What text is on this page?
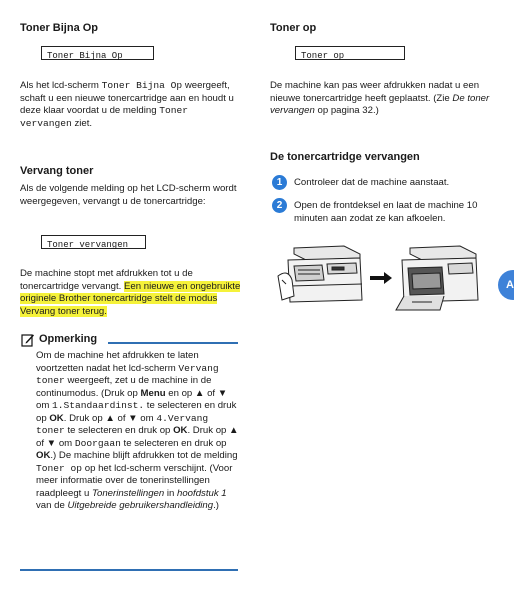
Toner Bijna Op
Toner Bijna Op
Als het lcd-scherm Toner Bijna Op weergeeft, schaft u een nieuwe tonercartridge aan en houdt u deze klaar voordat u de melding Toner vervangen ziet.
Vervang toner
Als de volgende melding op het LCD-scherm wordt weergegeven, vervangt u de tonercartridge:
Toner vervangen
De machine stopt met afdrukken tot u de tonercartridge vervangt. Een nieuwe en ongebruikte originele Brother tonercartridge stelt de modus Vervang toner terug.
Opmerking
Om de machine het afdrukken te laten voortzetten nadat het lcd-scherm Vervang toner weergeeft, zet u de machine in de continumodus. (Druk op Menu en op ▲ of ▼ om 1.Standaardinst. te selecteren en druk op OK. Druk op ▲ of ▼ om 4.Vervang toner te selecteren en druk op OK. Druk op ▲ of ▼ om Doorgaan te selecteren en druk op OK.) De machine blijft afdrukken tot de melding Toner op op het lcd-scherm verschijnt. (Voor meer informatie over de tonerinstellingen raadpleegt u Tonerinstellingen in hoofdstuk 1 van de Uitgebreide gebruikershandleiding.)
Toner op
Toner op
De machine kan pas weer afdrukken nadat u een nieuwe tonercartridge heeft geplaatst. (Zie De toner vervangen op pagina 32.)
De tonercartridge vervangen
1	Controleer dat de machine aanstaat.
2	Open de frontdeksel en laat de machine 10 minuten aan zodat ze kan afkoelen.
A
